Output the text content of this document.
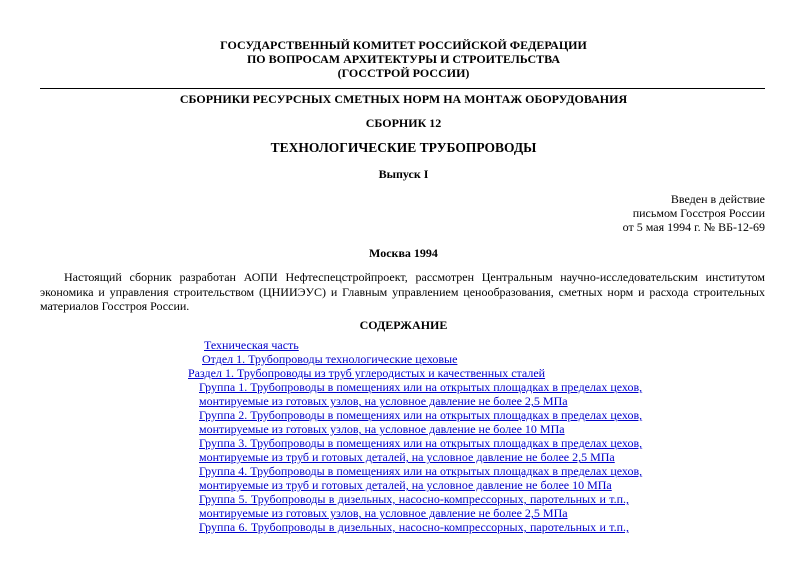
ГОСУДАРСТВЕННЫЙ КОМИТЕТ РОССИЙСКОЙ ФЕДЕРАЦИИ
ПО ВОПРОСАМ АРХИТЕКТУРЫ И СТРОИТЕЛЬСТВА
(ГОССТРОЙ РОССИИ)
СБОРНИКИ РЕСУРСНЫХ СМЕТНЫХ НОРМ НА МОНТАЖ ОБОРУДОВАНИЯ
СБОРНИК 12
ТЕХНОЛОГИЧЕСКИЕ ТРУБОПРОВОДЫ
Выпуск I
Введен в действие
письмом Госстроя России
от 5 мая 1994 г. № ВБ-12-69
Москва 1994
Настоящий сборник разработан АОПИ Нефтеспецстройпроект, рассмотрен Центральным научно-исследовательским институтом экономика и управления строительством (ЦНИИЭУС) и Главным управлением ценообразования, сметных норм и расхода строительных материалов Госстроя России.
СОДЕРЖАНИЕ
Техническая часть
Отдел 1. Трубопроводы технологические цеховые
Раздел 1. Трубопроводы из труб углеродистых и качественных сталей
Группа 1. Трубопроводы в помещениях или на открытых площадках в пределах цехов,
монтируемые из готовых узлов, на условное давление не более 2,5 МПа
Группа 2. Трубопроводы в помещениях или на открытых площадках в пределах цехов,
монтируемые из готовых узлов, на условное давление не более 10 МПа
Группа 3. Трубопроводы в помещениях или на открытых площадках в пределах цехов,
монтируемые из труб и готовых деталей, на условное давление не более 2,5 МПа
Группа 4. Трубопроводы в помещениях или на открытых площадках в пределах цехов,
монтируемые из труб и готовых деталей, на условное давление не более 10 МПа
Группа 5. Трубопроводы в дизельных, насосно-компрессорных, паротельных и т.п.,
монтируемые из готовых узлов, на условное давление не более 2,5 МПа
Группа 6. Трубопроводы в дизельных, насосно-компрессорных, паротельных и т.п.,
